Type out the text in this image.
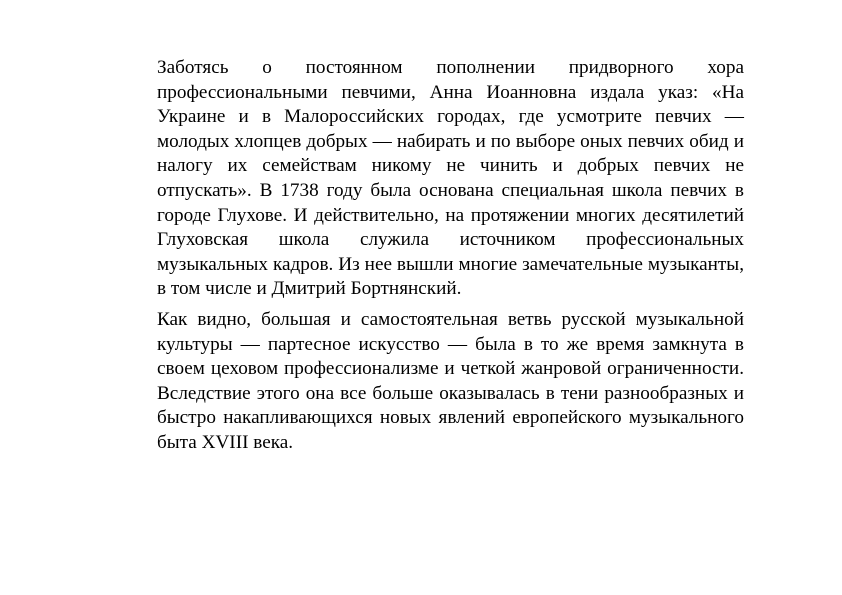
Заботясь о постоянном пополнении придворного хора профессиональными певчими, Анна Иоанновна издала указ: «На Украине и в Малороссийских городах, где усмотрите певчих — молодых хлопцев добрых — набирать и по выборе оных певчих обид и налогу их семействам никому не чинить и добрых певчих не отпускать». В 1738 году была основана специальная школа певчих в городе Глухове. И действительно, на протяжении многих десятилетий Глуховская школа служила источником профессиональных музыкальных кадров. Из нее вышли многие замечательные музыканты, в том числе и Дмитрий Бортнянский.

Как видно, большая и самостоятельная ветвь русской музыкальной культуры — партесное искусство — была в то же время замкнута в своем цеховом профессионализме и четкой жанровой ограниченности. Вследствие этого она все больше оказывалась в тени разнообразных и быстро накапливающихся новых явлений европейского музыкального быта XVIII века.
